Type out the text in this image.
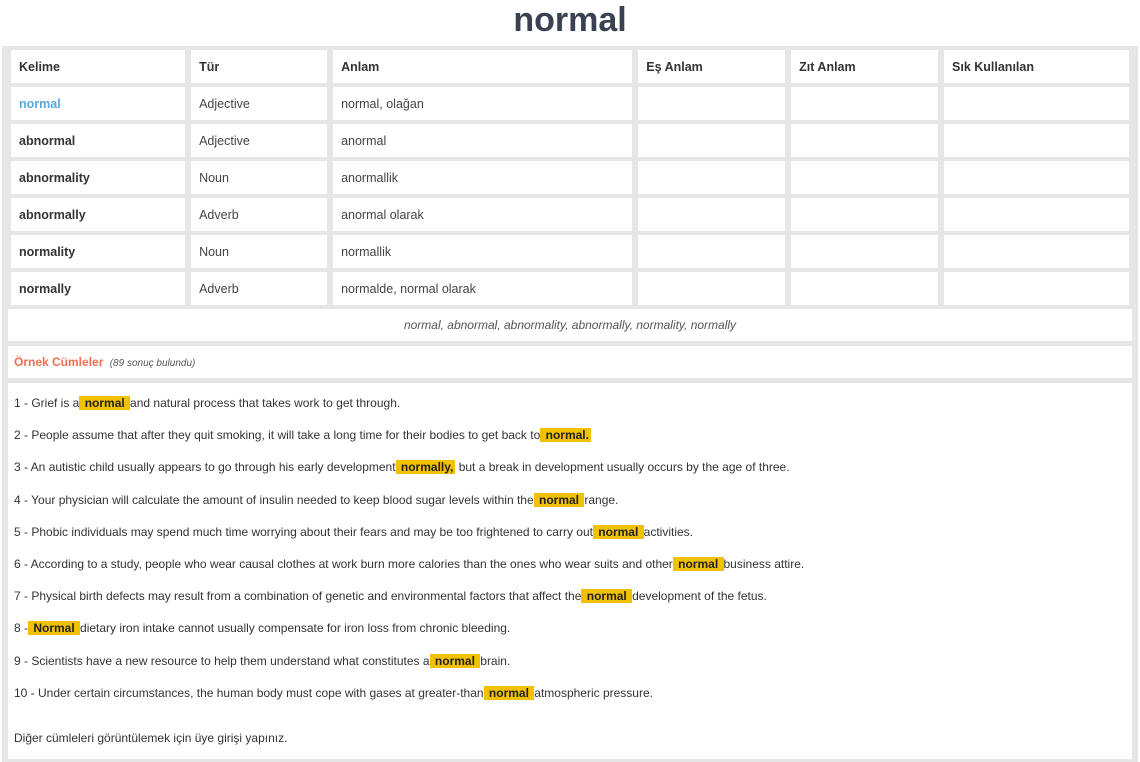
normal
Kelime	Tür	Anlam	Eş Anlam	Zıt Anlam	Sık Kullanılan
normal	Adjective	normal, olağan			
abnormal	Adjective	anormal			
abnormality	Noun	anormallik			
abnormally	Adverb	anormal olarak			
normality	Noun	normallik			
normally	Adverb	normalde, normal olarak			
normal, abnormal, abnormality, abnormally, normality, normally
Örnek Cümleler (89 sonuç bulundu)
1 - Grief is a normal and natural process that takes work to get through.
2 - People assume that after they quit smoking, it will take a long time for their bodies to get back to normal.
3 - An autistic child usually appears to go through his early development normally, but a break in development usually occurs by the age of three.
4 - Your physician will calculate the amount of insulin needed to keep blood sugar levels within the normal range.
5 - Phobic individuals may spend much time worrying about their fears and may be too frightened to carry out normal activities.
6 - According to a study, people who wear causal clothes at work burn more calories than the ones who wear suits and other normal business attire.
7 - Physical birth defects may result from a combination of genetic and environmental factors that affect the normal development of the fetus.
8 - Normal dietary iron intake cannot usually compensate for iron loss from chronic bleeding.
9 - Scientists have a new resource to help them understand what constitutes a normal brain.
10 - Under certain circumstances, the human body must cope with gases at greater-than normal atmospheric pressure.
Diğer cümleleri görüntülemek için üye girişi yapınız.
